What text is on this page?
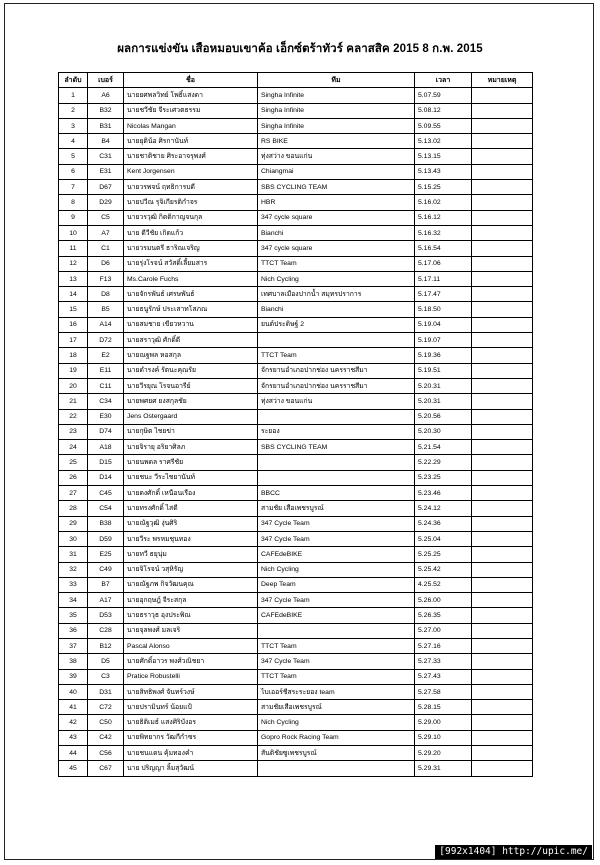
ผลการแข่งขัน เสือหมอบเขาค้อ เอ็กซ์ตร้าทัวร์ คลาสสิค 2015 8 ก.พ. 2015
ลำดับ	เบอร์	ชื่อ	ทีม	เวลา	หมายเหตุ
1	A6	นายยศพลวิทย์ โพธิ์แสงดา	Singha Infinite	5.07.59	
2	B32	นายชวีชัย จีระเศวตธรรม	Singha Infinite	5.08.12	
3	B31	Nicolas Mangan	Singha Infinite	5.09.55	
4	B4	นายยุติน้อ ศิรกานันท์	RS BIKE	5.13.02	
5	C31	นายชาติชาย ศิระอาจรุพงศ์	ทุ่งสว่าง ขอนแก่น	5.13.15	
6	E31	Kent Jorgensen	Chiangmai	5.13.43	
7	D67	นายวรพจน์ ฤทธิการบดี	SBS CYCLING TEAM	5.15.25	
8	D29	นายปวีณ รุจิเกียรติกำจร	HBR	5.16.02	
9	C5	นายวรวุฒิ กิตติกาญจนกุล	347 cycle square	5.16.12	
10	A7	นาย ดีวีชัย เกิดแก้ว	Bianchi	5.16.32	
11	C1	นายวรมนตรี ธาริณเจริญ	347 cycle square	5.16.54	
12	D6	นายรุ่งโรจน์ สวัสดิ์เลี้ยมสาร	TTCT Team	5.17.06	
13	F13	Ms.Carole Fuchs	Nich Cycling	5.17.11	
14	D8	นายจักรพันธ์ เศรษพันธ์	เทศบาลเมืองปากน้ำ สมุทรปราการ	5.17.47	
15	B5	นายธนูรักษ์ ประเสาทโสภณ	Bianchi	5.18.50	
16	A14	นายสมชาย เขียวหวาน	ยนต์ประดิษฐ์ 2	5.19.04	
17	D72	นายสราวุฒิ ศักดิ์ดี		5.19.07	
18	E2	นายณฐพล หอสกุล	TTCT Team	5.19.36	
19	E11	นายดำรงค์ รัตนะคุณรัย	จักรยานอำเภอปากช่อง นครราชสีมา	5.19.51	
20	C11	นายวีรยุณ โรจนอารีย์	จักรยานอำเภอปากช่อง นครราชสีมา	5.20.31	
21	C34	นายพศยศ ยงสกุลชัย	ทุ่งสว่าง ขอนแก่น	5.20.31	
22	E30	Jens Ostergaard		5.20.56	
23	D74	นายกุษิต ไชยข่า	ระยอง	5.20.30	
24	A18	นายจิรายุ อริยาศิลภ	SBS CYCLING TEAM	5.21.54	
25	D15	นายนพดล ราศรีชัย		5.22.29	
26	D14	นายชนะ วีระไชยานันท์		5.23.25	
27	C45	นายดงศักดิ์ เหนือนเรือง	BBCC	5.23.46	
28	C54	นายทรงศักดิ์ ไสดี	สามชัย เสือเพชรบูรณ์	5.24.12	
29	B38	นายณัฐวุฒิ งุ่นศิริ	347 Cycle Team	5.24.36	
30	D59	นายวีระ พรหมชุนทอง	347 Cycle Team	5.25.04	
31	E25	นายทวี ธยุนุ่ม	CAFEdeBIKE	5.25.25	
32	C49	นายจิโรจน์ วสุหิรัญ	Nich Cycling	5.25.42	
33	B7	นายณัฐภพ กิจวัฒนคุณ	Deep Team	4.25.52	
34	A17	นายอุกฤษฎ์ จีระสกุล	347 Cycle Team	5.26.00	
35	D53	นายธราวุธ อุงประพิณ	CAFEdeBIKE	5.26.35	
36	C28	นายจุลพงศ์ มลเจริ		5.27.00	
37	B12	Pascal Alonso	TTCT Team	5.27.16	
38	D5	นายศักดิ์อาวร พงศ์วณิชยา	347 Cycle Team	5.27.33	
39	C3	Pratice Robustelli	TTCT Team	5.27.43	
40	D31	นายสิทธิพงศ์ จันทร์วงษ์	ไบเออร์ชีสระระยอง team	5.27.58	
41	C72	นายปรามินทร์ น้อยแป้	สามชัยเสือเพชรบูรณ์	5.28.15	
42	C50	นายธิติเมธ์ แสงศิริบังอร	Nich Cycling	5.29.00	
43	C42	นายพิทยากร วัฒกีกำซร	Gopro Rock Racing Team	5.29.10	
44	C56	นายชนแดน คุ้มทองคำ	สันติชัยซูเพชรบูรณ์	5.29.20	
45	C67	นาย ปริญญา ลิ้มสุวัฒน์		5.29.31	
[992x1404] http://upic.me/
